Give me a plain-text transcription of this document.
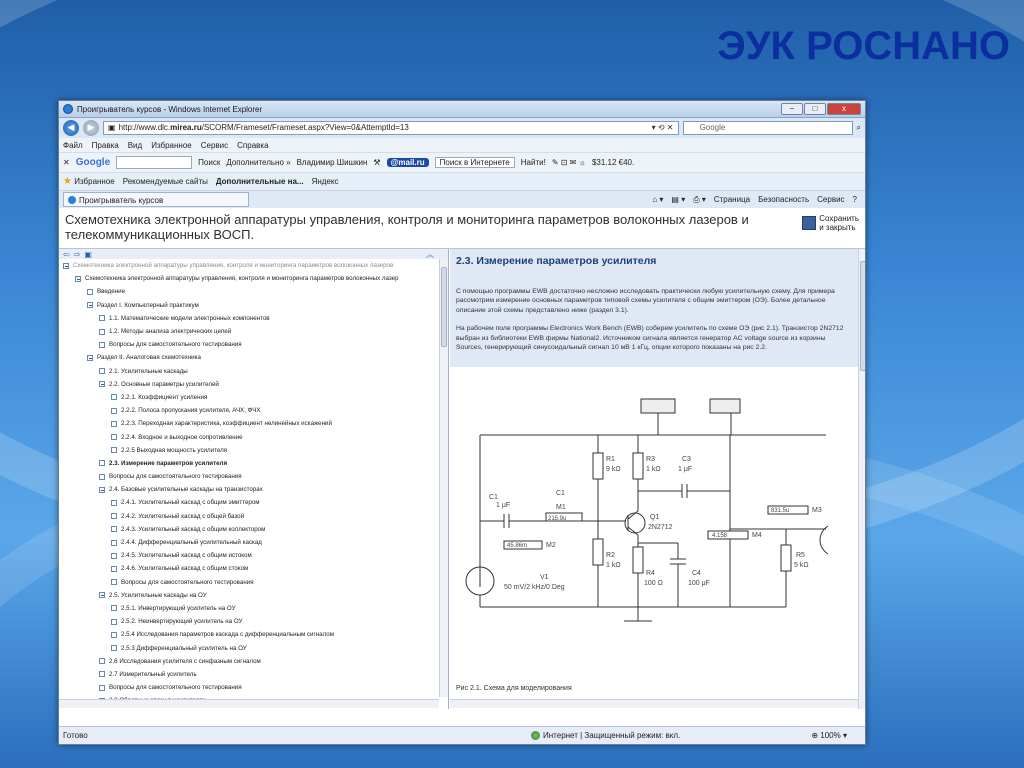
ЭУК РОСНАНО
Проигрыватель курсов - Windows Internet Explorer	–	□	x
◀	▶	▣ http://www.dlc. mirea.ru /SCORM/Frameset/Frameset.aspx?View=0&AttemptId=13	▾ ⟲ ✕	Google	⌕
Файл Правка Вид Избранное Сервис Справка
✕ Google	Поиск Дополнительно » Владимир Шишкин ⚒	@mail.ru	Поиск в Интернете	Найти! ✎ ⊡ ✉ ☼ $31.12 €40.
★ Избранное Рекомендуемые сайты Дополнительные на... Яндекс
Проигрыватель курсов	⌂ ▾ ▤ ▾ ⎙ ▾ Страница Безопасность Сервис ?
Схемотехника электронной аппаратуры управления, контроля и мониторинга параметров волоконных лазеров и
телекоммуникационных ВОСП.
Сохранить
и закрыть
⇦ ⇨ ▣	︽
Схемотехника электронной аппаратуры управления, контроля и мониторинга параметров волоконных лазеров
Схемотехника электронной аппаратуры управления, контроля и мониторинга параметров волоконных лазер
Введение
Раздел I. Компьютерный практикум
1.1. Математические модели электронных компонентов
1.2. Методы анализа электрических цепей
Вопросы для самостоятельного тестирования
Раздел II. Аналоговая схемотехника
2.1. Усилительные каскады
2.2. Основные параметры усилителей
2.2.1. Коэффициент усиления
2.2.2. Полоса пропускания усилителя, АЧХ, ФЧХ
2.2.3. Переходная характеристика, коэффициент нелинейных искажений
2.2.4. Входное и выходное сопротивление
2.2.5 Выходная мощность усилителя
2.3. Измерение параметров усилителя
Вопросы для самостоятельного тестирования
2.4. Базовые усилительные каскады на транзисторах
2.4.1. Усилительный каскад с общим эмиттером
2.4.2. Усилительный каскад с общей базой
2.4.3. Усилительный каскад с общим коллектором
2.4.4. Дифференциальный усилительный каскад
2.4.5. Усилительный каскад с общим истоком
2.4.6. Усилительный каскад с общим стоком
Вопросы для самостоятельного тестирования
2.5. Усилительные каскады на ОУ
2.5.1. Инвертирующий усилитель на ОУ
2.5.2. Неинвертирующий усилитель на ОУ
2.5.4 Исследования параметров каскада с дифференциальным сигналом
2.5.3 Дифференциальный усилитель на ОУ
2.6 Исследования усилителя с синфазным сигналом
2.7 Измерительный усилитель
Вопросы для самостоятельного тестирования
2.3. Измерение параметров усилителя

С помощью программы EWB достаточно несложно исследовать практически любую усилительную схему. Для примера рассмотрим измерение основных параметров типовой схемы усилителя с общим эмиттером (ОЭ). Более детальное описание этой схемы представлено ниже (раздел 3.1).

На рабочем поле программы Electronics Work Bench (EWB) соберем усилитель по схеме ОЭ (рис 2.1). Транзистор 2N2712 выбран из библиотеки EWB фирмы National2. Источником сигнала является генератор AC voltage source из корзины Sources, генерирующий синусоидальный сигнал 10 мВ 1 кГц, опции которого показаны на рис 2.2.

C1
1 μF
C1
M1
215.9u
R1
9 kΩ
R3
1 kΩ
C3
1 μF
Q1
2N2712
45.86m	M2
R2
1 kΩ
V1
50 mV/2 kHz/0 Deg
R4
100 Ω
C4
100 μF
4.158	M4
831.5u	M3
R5
5 kΩ
Рис 2.1. Схема для моделирования
Готово	Интернет | Защищенный режим: вкл.	⊕ 100% ▾
